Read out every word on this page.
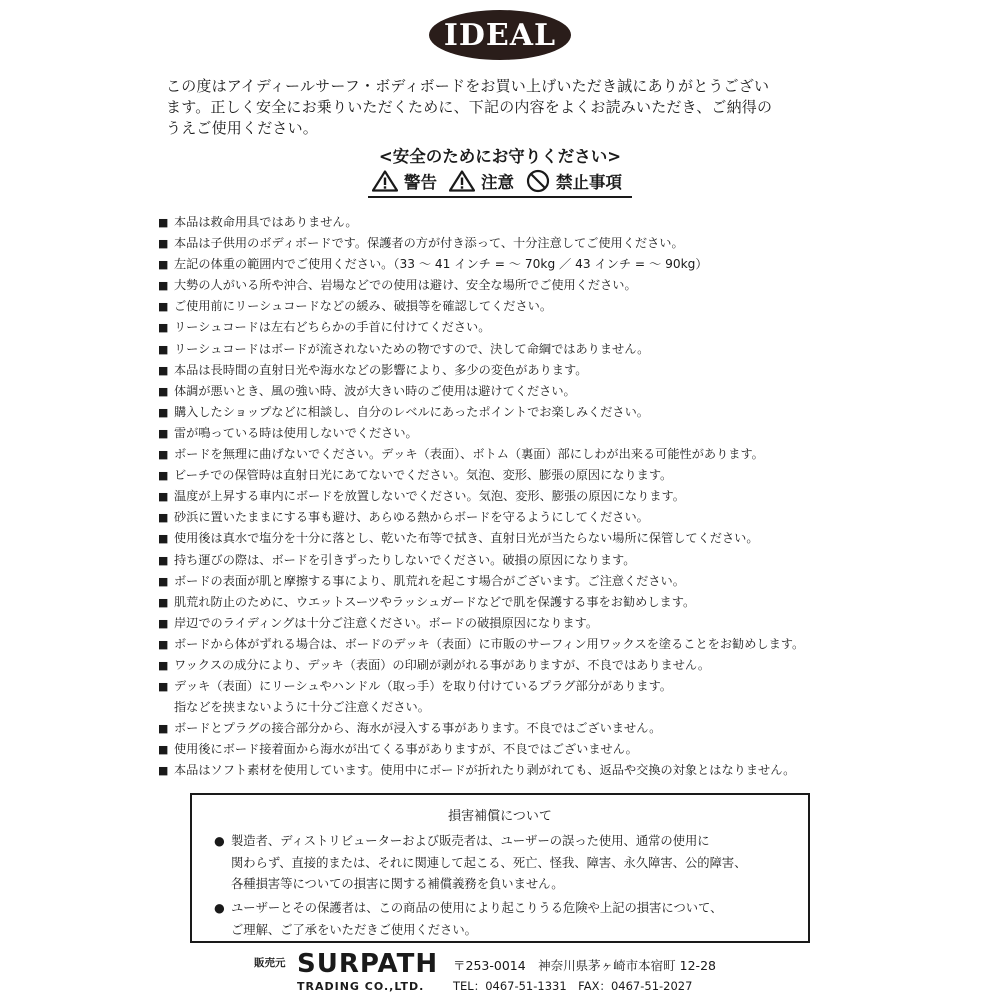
IDEAL
この度はアイディールサーフ・ボディボードをお買い上げいただき誠にありがとうござい
ます。正しく安全にお乗りいただくために、下記の内容をよくお読みいただき、ご納得の
うえご使用ください。
<安全のためにお守りください>
警告	注意	禁止事項
■ 本品は救命用具ではありません。
■ 本品は子供用のボディボードです。保護者の方が付き添って、十分注意してご使用ください。
■ 左記の体重の範囲内でご使用ください。（33 ～ 41 インチ = ～ 70kg ／ 43 インチ = ～ 90kg）
■ 大勢の人がいる所や沖合、岩場などでの使用は避け、安全な場所でご使用ください。
■ ご使用前にリーシュコードなどの緩み、破損等を確認してください。
■ リーシュコードは左右どちらかの手首に付けてください。
■ リーシュコードはボードが流されないための物ですので、決して命綱ではありません。
■ 本品は長時間の直射日光や海水などの影響により、多少の変色があります。
■ 体調が悪いとき、風の強い時、波が大きい時のご使用は避けてください。
■ 購入したショップなどに相談し、自分のレベルにあったポイントでお楽しみください。
■ 雷が鳴っている時は使用しないでください。
■ ボードを無理に曲げないでください。デッキ（表面）、ボトム（裏面）部にしわが出来る可能性があります。
■ ビーチでの保管時は直射日光にあてないでください。気泡、変形、膨張の原因になります。
■ 温度が上昇する車内にボードを放置しないでください。気泡、変形、膨張の原因になります。
■ 砂浜に置いたままにする事も避け、あらゆる熱からボードを守るようにしてください。
■ 使用後は真水で塩分を十分に落とし、乾いた布等で拭き、直射日光が当たらない場所に保管してください。
■ 持ち運びの際は、ボードを引きずったりしないでください。破損の原因になります。
■ ボードの表面が肌と摩擦する事により、肌荒れを起こす場合がございます。ご注意ください。
■ 肌荒れ防止のために、ウエットスーツやラッシュガードなどで肌を保護する事をお勧めします。
■ 岸辺でのライディングは十分ご注意ください。ボードの破損原因になります。
■ ボードから体がずれる場合は、ボードのデッキ（表面）に市販のサーフィン用ワックスを塗ることをお勧めします。
■ ワックスの成分により、デッキ（表面）の印刷が剥がれる事がありますが、不良ではありません。
■ デッキ（表面）にリーシュやハンドル（取っ手）を取り付けているプラグ部分があります。
指などを挟まないように十分ご注意ください。
■ ボードとプラグの接合部分から、海水が浸入する事があります。不良ではございません。
■ 使用後にボード接着面から海水が出てくる事がありますが、不良ではございません。
■ 本品はソフト素材を使用しています。使用中にボードが折れたり剥がれても、返品や交換の対象とはなりません。
損害補償について
● 製造者、ディストリビューターおよび販売者は、ユーザーの誤った使用、通常の使用に
関わらず、直接的または、それに関連して起こる、死亡、怪我、障害、永久障害、公的障害、
各種損害等についての損害に関する補償義務を負いません。
● ユーザーとその保護者は、この商品の使用により起こりうる危険や上記の損害について、
ご理解、ご了承をいただきご使用ください。
販売元 SURPATH
TRADING CO.,LTD.
〒253-0014　神奈川県茅ヶ崎市本宿町 12-28
TEL：0467-51-1331　FAX：0467-51-2027
